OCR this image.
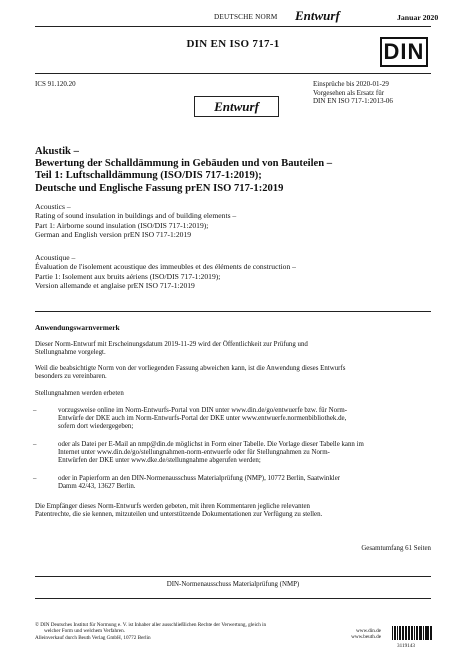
DEUTSCHE NORM Entwurf	Januar 2020
DIN EN ISO 717-1	DIN
ICS 91.120.20	Einsprüche bis 2020-01-29
Vorgesehen als Ersatz für
DIN EN ISO 717-1:2013-06
Entwurf
Akustik –
Bewertung der Schalldämmung in Gebäuden und von Bauteilen –
Teil 1: Luftschalldämmung (ISO/DIS 717-1:2019);
Deutsche und Englische Fassung prEN ISO 717-1:2019
Acoustics –
Rating of sound insulation in buildings and of building elements –
Part 1: Airborne sound insulation (ISO/DIS 717-1:2019);
German and English version prEN ISO 717-1:2019
Acoustique –
Évaluation de l'isolement acoustique des immeubles et des éléments de construction –
Partie 1: Isolement aux bruits aériens (ISO/DIS 717-1:2019);
Version allemande et anglaise prEN ISO 717-1:2019
Anwendungswarnvermerk
Dieser Norm-Entwurf mit Erscheinungsdatum 2019-11-29 wird der Öffentlichkeit zur Prüfung und
Stellungnahme vorgelegt.
Weil die beabsichtigte Norm von der vorliegenden Fassung abweichen kann, ist die Anwendung dieses Entwurfs
besonders zu vereinbaren.
Stellungnahmen werden erbeten
–	vorzugsweise online im Norm-Entwurfs-Portal von DIN unter www.din.de/go/entwuerfe bzw. für Norm-
Entwürfe der DKE auch im Norm-Entwurfs-Portal der DKE unter www.entwuerfe.normenbibliothek.de,
sofern dort wiedergegeben;
–	oder als Datei per E-Mail an nmp@din.de möglichst in Form einer Tabelle. Die Vorlage dieser Tabelle kann im
Internet unter www.din.de/go/stellungnahmen-norm-entwuerfe oder für Stellungnahmen zu Norm-
Entwürfen der DKE unter www.dke.de/stellungnahme abgerufen werden;
–	oder in Papierform an den DIN-Normenausschuss Materialprüfung (NMP), 10772 Berlin, Saatwinkler
Damm 42/43, 13627 Berlin.
Die Empfänger dieses Norm-Entwurfs werden gebeten, mit ihren Kommentaren jegliche relevanten
Patentrechte, die sie kennen, mitzuteilen und unterstützende Dokumentationen zur Verfügung zu stellen.
Gesamtumfang 61 Seiten
DIN-Normenausschuss Materialprüfung (NMP)
© DIN Deutsches Institut für Normung e. V. ist Inhaber aller ausschließlichen Rechte der Verwertung, gleich in
welcher Form und welchem Verfahren.
Alleinverkauf durch Beuth Verlag GmbH, 10772 Berlin
www.din.de
www.beuth.de
3119143
